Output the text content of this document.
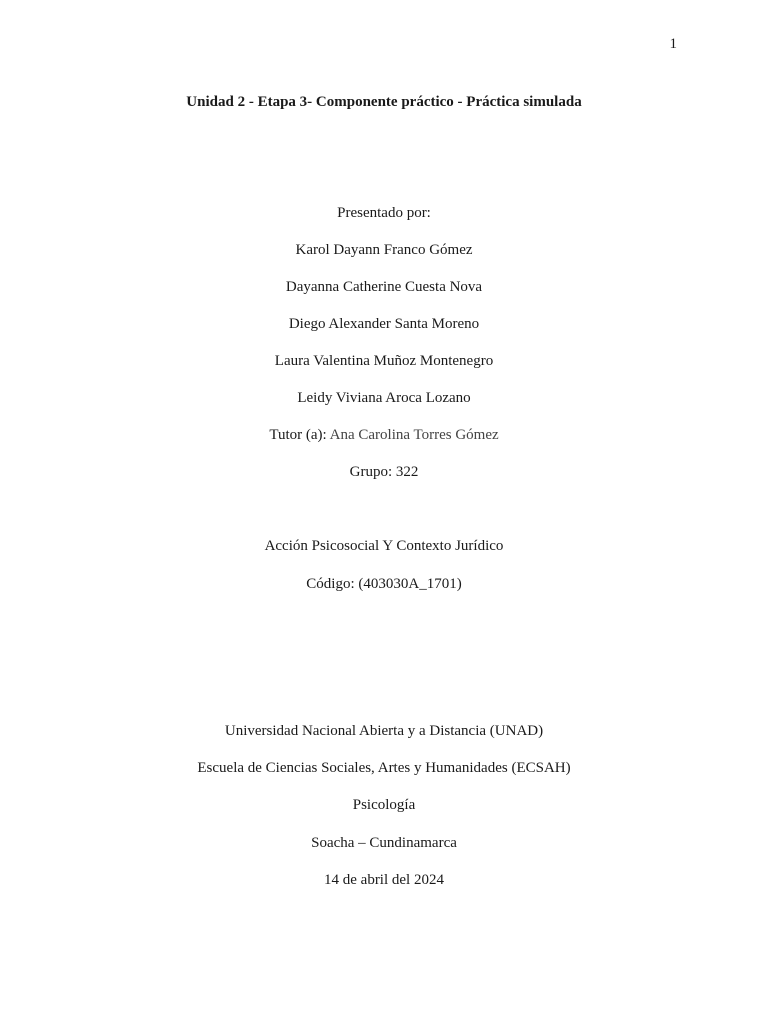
1
Unidad 2 - Etapa 3- Componente práctico - Práctica simulada
Presentado por:
Karol Dayann Franco Gómez
Dayanna Catherine Cuesta Nova
Diego Alexander Santa Moreno
Laura Valentina Muñoz Montenegro
Leidy Viviana Aroca Lozano
Tutor (a): Ana Carolina Torres Gómez
Grupo: 322
Acción Psicosocial Y Contexto Jurídico
Código: (403030A_1701)
Universidad Nacional Abierta y a Distancia (UNAD)
Escuela de Ciencias Sociales, Artes y Humanidades (ECSAH)
Psicología
Soacha – Cundinamarca
14 de abril del 2024
